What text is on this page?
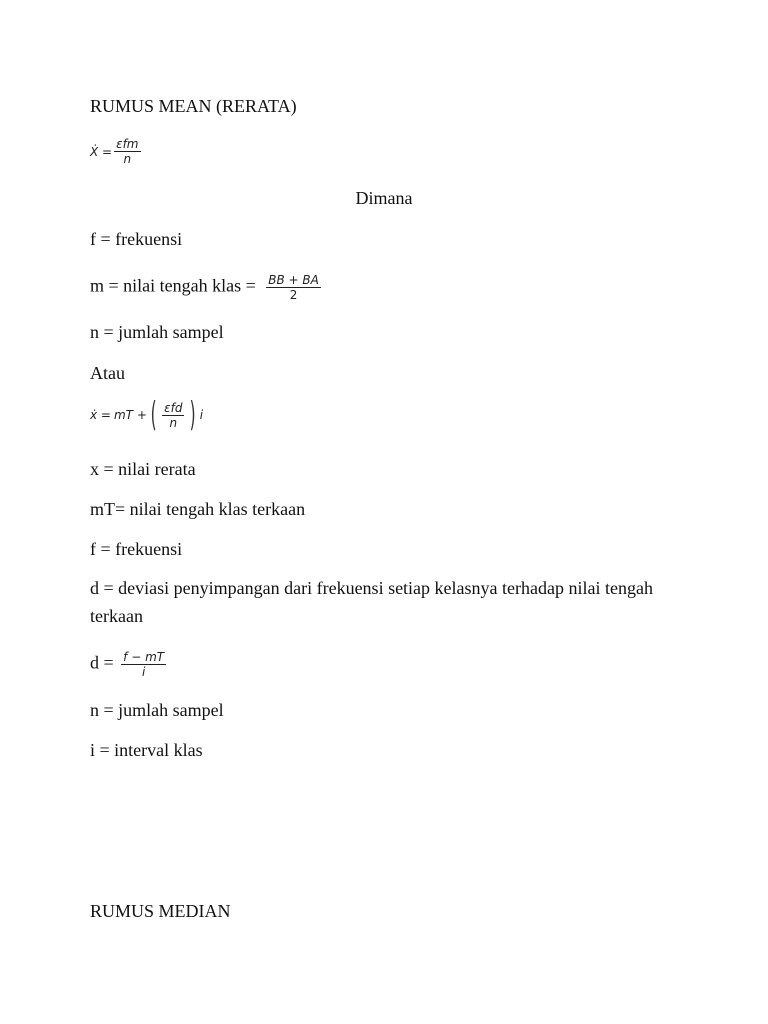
RUMUS MEAN (RERATA)
Ẋ = $\frac{\text{εfm}}{n}$
Dimana
f = frekuensi
m = nilai tengah klas = $\frac{BB + BA}{2}$
n = jumlah sampel
Atau
ẋ = mT + ( $\frac{\text{εfd}}{n}$ ) i
x = nilai rerata
mT= nilai tengah klas terkaan
f = frekuensi
d = deviasi penyimpangan dari frekuensi setiap kelasnya terhadap nilai tengah terkaan
$d = \frac{f - mT}{i}$
n = jumlah sampel
i = interval klas
RUMUS MEDIAN
